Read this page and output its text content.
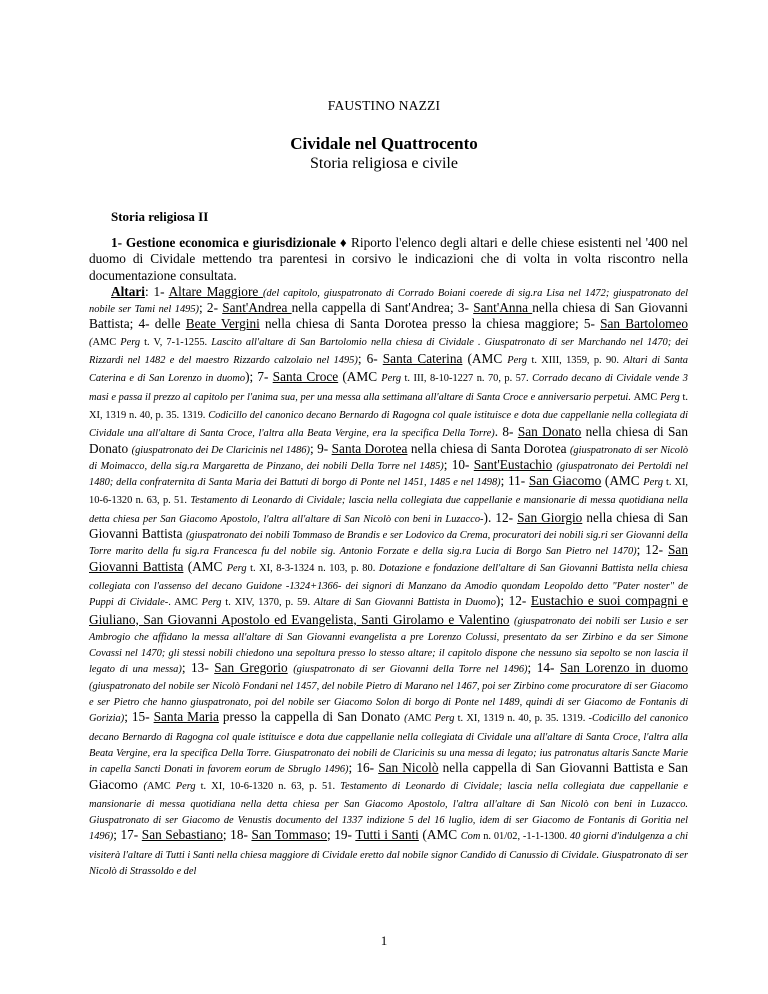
FAUSTINO NAZZI
Cividale nel Quattrocento
Storia religiosa e civile
Storia religiosa II

1- Gestione economica e giurisdizionale ♦ Riporto l'elenco degli altari e delle chiese esistenti nel '400 nel duomo di Cividale mettendo tra parentesi in corsivo le indicazioni che di volta in volta riscontro nella documentazione consultata.

Altari: 1- Altare Maggiore (del capitolo, giuspatronato di Corrado Boiani coerede di sig.ra Lisa nel 1472; giuspatronato del nobile ser Tami nel 1495); 2- Sant'Andrea nella cappella di Sant'Andrea; 3- Sant'Anna nella chiesa di San Giovanni Battista; 4- delle Beate Vergini nella chiesa di Santa Dorotea presso la chiesa maggiore; 5- San Bartolomeo (AMC Perg t. V, 7-1-1255. Lascito all'altare di San Bartolomio nella chiesa di Cividale . Giuspatronato di ser Marchando nel 1470; dei Rizzardi nel 1482 e del maestro Rizzardo calzolaio nel 1495); 6- Santa Caterina (AMC Perg t. XIII, 1359, p. 90. Altari di Santa Caterina e di San Lorenzo in duomo); 7- Santa Croce (AMC Perg t. III, 8-10-1227 n. 70, p. 57. Corrado decano di Cividale vende 3 masi e passa il prezzo al capitolo per l'anima sua, per una messa alla settimana all'altare di Santa Croce e anniversario perpetui. AMC Perg t. XI, 1319 n. 40, p. 35. 1319. Codicillo del canonico decano Bernardo di Ragogna col quale istituisce e dota due cappellanie nella collegiata di Cividale una all'altare di Santa Croce, l'altra alla Beata Vergine, era la specifica Della Torre). 8- San Donato nella chiesa di San Donato (giuspatronato dei De Claricinis nel 1486); 9- Santa Dorotea nella chiesa di Santa Dorotea (giuspatronato di ser Nicolò di Moimacco, della sig.ra Margaretta de Pinzano, dei nobili Della Torre nel 1485); 10- Sant'Eustachio (giuspatronato dei Pertoldi nel 1480; della confraternita di Santa Maria dei Battuti di borgo di Ponte nel 1451, 1485 e nel 1498); 11- San Giacomo (AMC Perg t. XI, 10-6-1320 n. 63, p. 51. Testamento di Leonardo di Cividale; lascia nella collegiata due cappellanie e mansionarie di messa quotidiana nella detta chiesa per San Giacomo Apostolo, l'altra all'altare di San Nicolò con beni in Luzacco-). 12- San Giorgio nella chiesa di San Giovanni Battista (giuspatronato dei nobili Tommaso de Brandis e ser Lodovico da Crema, procuratori dei nobili sig.ri ser Giovanni della Torre marito della fu sig.ra Francesca fu del nobile sig. Antonio Forzate e della sig.ra Lucia di Borgo San Pietro nel 1470); 12- San Giovanni Battista (AMC Perg t. XI, 8-3-1324 n. 103, p. 80. Dotazione e fondazione dell'altare di San Giovanni Battista nella chiesa collegiata con l'assenso del decano Guidone -1324+1366- dei signori di Manzano da Amodio quondam Leopoldo detto "Pater noster" de Puppi di Cividale-. AMC Perg t. XIV, 1370, p. 59. Altare di San Giovanni Battista in Duomo); 12- Eustachio e suoi compagni e Giuliano, San Giovanni Apostolo ed Evangelista, Santi Girolamo e Valentino (giuspatronato dei nobili ser Lusio e ser Ambrogio che affidano la messa all'altare di San Giovanni evangelista a pre Lorenzo Colussi, presentato da ser Zirbino e da ser Simone Covassi nel 1470; gli stessi nobili chiedono una sepoltura presso lo stesso altare; il capitolo dispone che nessuno sia sepolto se non lascia il legato di una messa); 13- San Gregorio (giuspatronato di ser Giovanni della Torre nel 1496); 14- San Lorenzo in duomo (giuspatronato del nobile ser Nicolò Fondani nel 1457, del nobile Pietro di Marano nel 1467, poi ser Zirbino come procuratore di ser Giacomo e ser Pietro che hanno giuspatronato, poi del nobile ser Giacomo Solon di borgo di Ponte nel 1489, quindi di ser Giacomo de Fontanis di Gorizia); 15- Santa Maria presso la cappella di San Donato (AMC Perg t. XI, 1319 n. 40, p. 35. 1319. -Codicillo del canonico decano Bernardo di Ragogna col quale istituisce e dota due cappellanie nella collegiata di Cividale una all'altare di Santa Croce, l'altra alla Beata Vergine, era la specifica Della Torre. Giuspatronato dei nobili de Claricinis su una messa di legato; ius patronatus altaris Sancte Marie in capella Sancti Donati in favorem eorum de Sbruglo 1496); 16- San Nicolò nella cappella di San Giovanni Battista e San Giacomo (AMC Perg t. XI, 10-6-1320 n. 63, p. 51. Testamento di Leonardo di Cividale; lascia nella collegiata due cappellanie e mansionarie di messa quotidiana nella detta chiesa per San Giacomo Apostolo, l'altra all'altare di San Nicolò con beni in Luzacco. Giuspatronato di ser Giacomo de Venustis documento del 1337 indizione 5 del 16 luglio, idem di ser Giacomo de Fontanis di Goritia nel 1496); 17- San Sebastiano; 18- San Tommaso; 19- Tutti i Santi (AMC Com n. 01/02, -1-1-1300. 40 giorni d'indulgenza a chi visiterà l'altare di Tutti i Santi nella chiesa maggiore di Cividale eretto dal nobile signor Candido di Canussio di Cividale. Giuspatronato di ser Nicolò di Strassoldo e del

1
